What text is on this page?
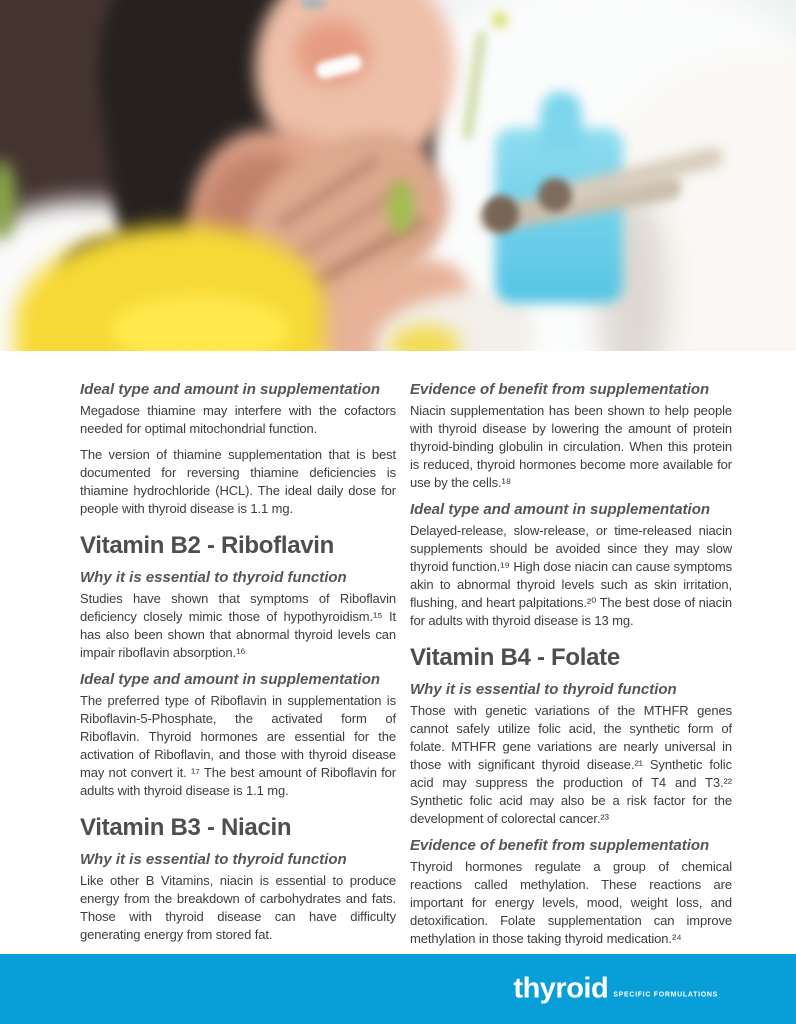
Ideal type and amount in supplementation

Megadose thiamine may interfere with the cofactors needed for optimal mitochondrial function.

The version of thiamine supplementation that is best documented for reversing thiamine deficiencies is thiamine hydrochloride (HCL). The ideal daily dose for people with thyroid disease is 1.1 mg.

Vitamin B2 - Riboflavin
Why it is essential to thyroid function

Studies have shown that symptoms of Riboflavin deficiency closely mimic those of hypothyroidism.¹⁵ It has also been shown that abnormal thyroid levels can impair riboflavin absorption.¹⁶

Ideal type and amount in supplementation

The preferred type of Riboflavin in supplementation is Riboflavin-5-Phosphate, the activated form of Riboflavin. Thyroid hormones are essential for the activation of Riboflavin, and those with thyroid disease may not convert it. ¹⁷ The best amount of Riboflavin for adults with thyroid disease is 1.1 mg.

Vitamin B3 - Niacin
Why it is essential to thyroid function

Like other B Vitamins, niacin is essential to produce energy from the breakdown of carbohydrates and fats. Those with thyroid disease can have difficulty generating energy from stored fat.

Evidence of benefit from supplementation

Niacin supplementation has been shown to help people with thyroid disease by lowering the amount of protein thyroid-binding globulin in circulation. When this protein is reduced, thyroid hormones become more available for use by the cells.¹⁸

Ideal type and amount in supplementation

Delayed-release, slow-release, or time-released niacin supplements should be avoided since they may slow thyroid function.¹⁹ High dose niacin can cause symptoms akin to abnormal thyroid levels such as skin irritation, flushing, and heart palpitations.²⁰ The best dose of niacin for adults with thyroid disease is 13 mg.

Vitamin B4 - Folate
Why it is essential to thyroid function

Those with genetic variations of the MTHFR genes cannot safely utilize folic acid, the synthetic form of folate. MTHFR gene variations are nearly universal in those with significant thyroid disease.²¹ Synthetic folic acid may suppress the production of T4 and T3.²² Synthetic folic acid may also be a risk factor for the development of colorectal cancer.²³

Evidence of benefit from supplementation

Thyroid hormones regulate a group of chemical reactions called methylation. These reactions are important for energy levels, mood, weight loss, and detoxification. Folate supplementation can improve methylation in those taking thyroid medication.²⁴

thyroid SPECIFIC FORMULATIONS
